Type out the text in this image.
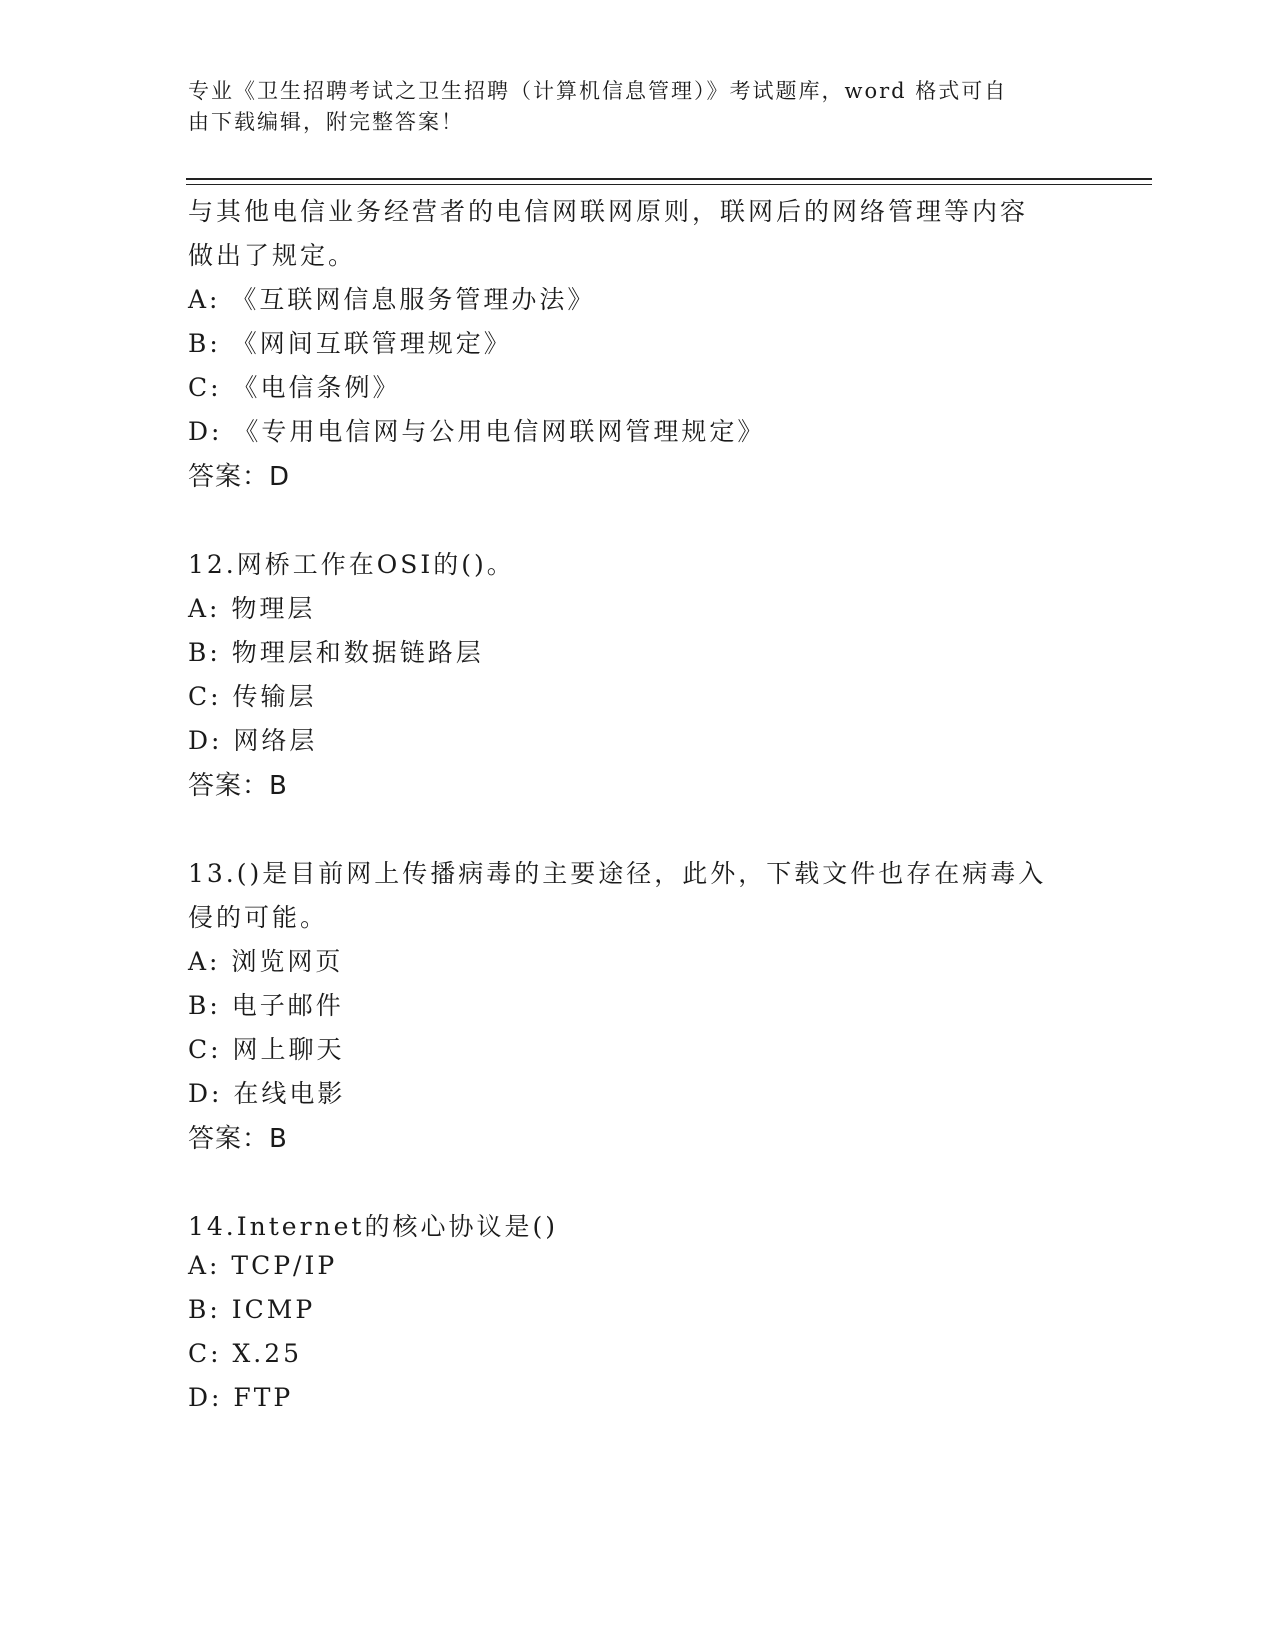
专业《卫生招聘考试之卫生招聘（计算机信息管理）》考试题库，word 格式可自
由下载编辑，附完整答案！
与其他电信业务经营者的电信网联网原则，联网后的网络管理等内容
做出了规定。
A: 《互联网信息服务管理办法》
B: 《网间互联管理规定》
C: 《电信条例》
D: 《专用电信网与公用电信网联网管理规定》
答案：D
12.网桥工作在OSI的()。
A: 物理层
B: 物理层和数据链路层
C: 传输层
D: 网络层
答案：B
13.()是目前网上传播病毒的主要途径，此外，下载文件也存在病毒入
侵的可能。
A: 浏览网页
B: 电子邮件
C: 网上聊天
D: 在线电影
答案：B
14.Internet的核心协议是()
A: TCP/IP
B: ICMP
C: X.25
D: FTP
